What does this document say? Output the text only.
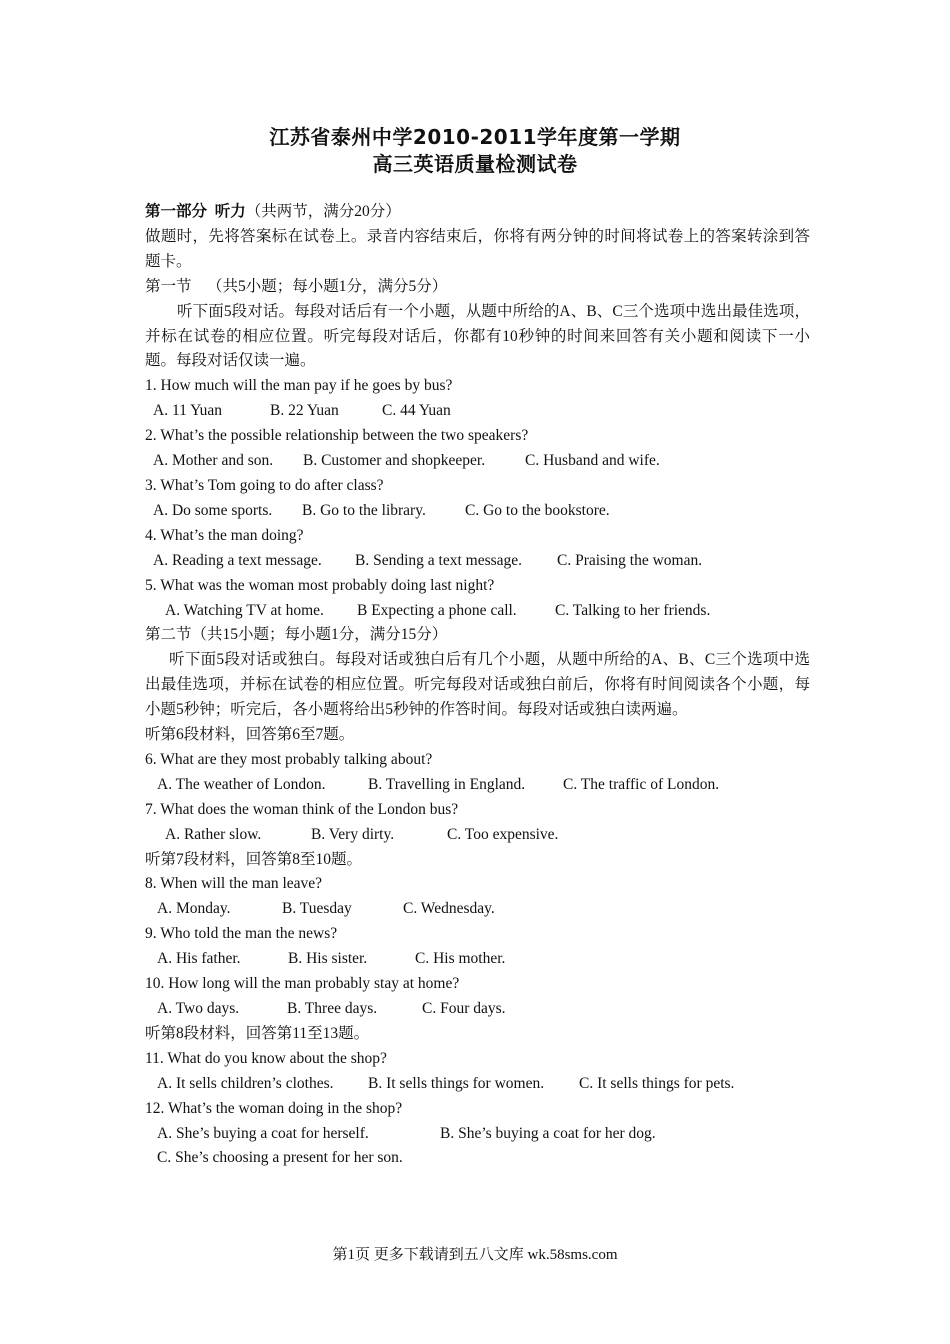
江苏省泰州中学2010-2011学年度第一学期
高三英语质量检测试卷
第一部分  听力（共两节，满分20分）
做题时，先将答案标在试卷上。录音内容结束后，你将有两分钟的时间将试卷上的答案转涂到答题卡。
第一节    （共5小题；每小题1分，满分5分）
听下面5段对话。每段对话后有一个小题，从题中所给的A、B、C三个选项中选出最佳选项，并标在试卷的相应位置。听完每段对话后，你都有10秒钟的时间来回答有关小题和阅读下一小题。每段对话仅读一遍。
1. How much will the man pay if he goes by bus?
A. 11 Yuan	B. 22 Yuan	C. 44 Yuan
2. What’s the possible relationship between the two speakers?
A. Mother and son. B. Customer and shopkeeper.	C. Husband and wife.
3. What’s Tom going to do after class?
A. Do some sports. B. Go to the library.	C. Go to the bookstore.
4. What’s the man doing?
A. Reading a text message. B. Sending a text message. C. Praising the woman.
5. What was the woman most probably doing last night?
A. Watching TV at home. B Expecting a phone call. C. Talking to her friends.
第二节（共15小题；每小题1分，满分15分）
听下面5段对话或独白。每段对话或独白后有几个小题，从题中所给的A、B、C三个选项中选出最佳选项，并标在试卷的相应位置。听完每段对话或独白前后，你将有时间阅读各个小题，每小题5秒钟；听完后，各小题将给出5秒钟的作答时间。每段对话或独白读两遍。
听第6段材料，回答第6至7题。
6. What are they most probably talking about?
A. The weather of London.	B. Travelling in England. C. The traffic of London.
7. What does the woman think of the London bus?
A. Rather slow.	B. Very dirty.	C. Too expensive.
听第7段材料，回答第8至10题。
8. When will the man leave?
A. Monday.	B. Tuesday	C. Wednesday.
9. Who told the man the news?
A. His father.	B. His sister.	C. His mother.
10. How long will the man probably stay at home?
A. Two days.	B. Three days.	C. Four days.
听第8段材料，回答第11至13题。
11. What do you know about the shop?
A. It sells children’s clothes. B. It sells things for women. C. It sells things for pets.
12. What’s the woman doing in the shop?
A. She’s buying a coat for herself.	B. She’s buying a coat for her dog.
C. She’s choosing a present for her son.
第1页 更多下载请到五八文库 wk.58sms.com
